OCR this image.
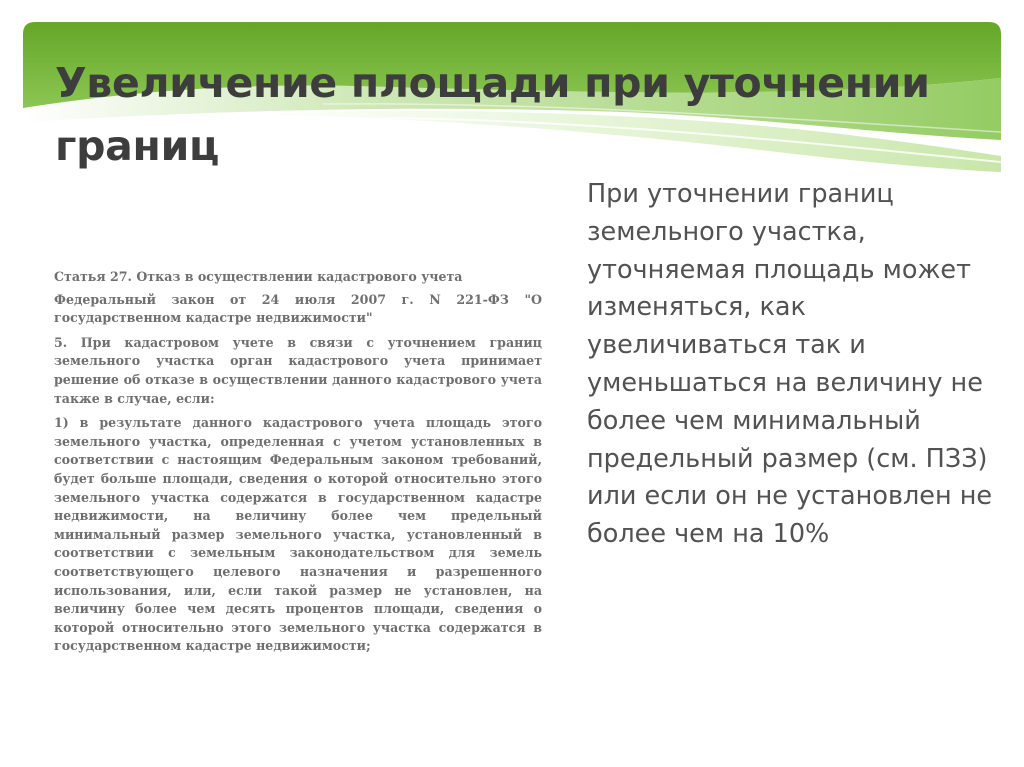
Увеличение площади при уточнении границ

Статья 27. Отказ в осуществлении кадастрового учета

Федеральный закон от 24 июля 2007 г. N 221-ФЗ "О государственном кадастре недвижимости"

5. При кадастровом учете в связи с уточнением границ земельного участка орган кадастрового учета принимает решение об отказе в осуществлении данного кадастрового учета также в случае, если:

1) в результате данного кадастрового учета площадь этого земельного участка, определенная с учетом установленных в соответствии с настоящим Федеральным законом требований, будет больше площади, сведения о которой относительно этого земельного участка содержатся в государственном кадастре недвижимости, на величину более чем предельный минимальный размер земельного участка, установленный в соответствии с земельным законодательством для земель соответствующего целевого назначения и разрешенного использования, или, если такой размер не установлен, на величину более чем десять процентов площади, сведения о которой относительно этого земельного участка содержатся в государственном кадастре недвижимости;

При уточнении границ земельного участка, уточняемая площадь может изменяться, как увеличиваться так и уменьшаться на величину не более чем минимальный предельный размер (см. ПЗЗ) или если он не установлен не более чем на 10%
